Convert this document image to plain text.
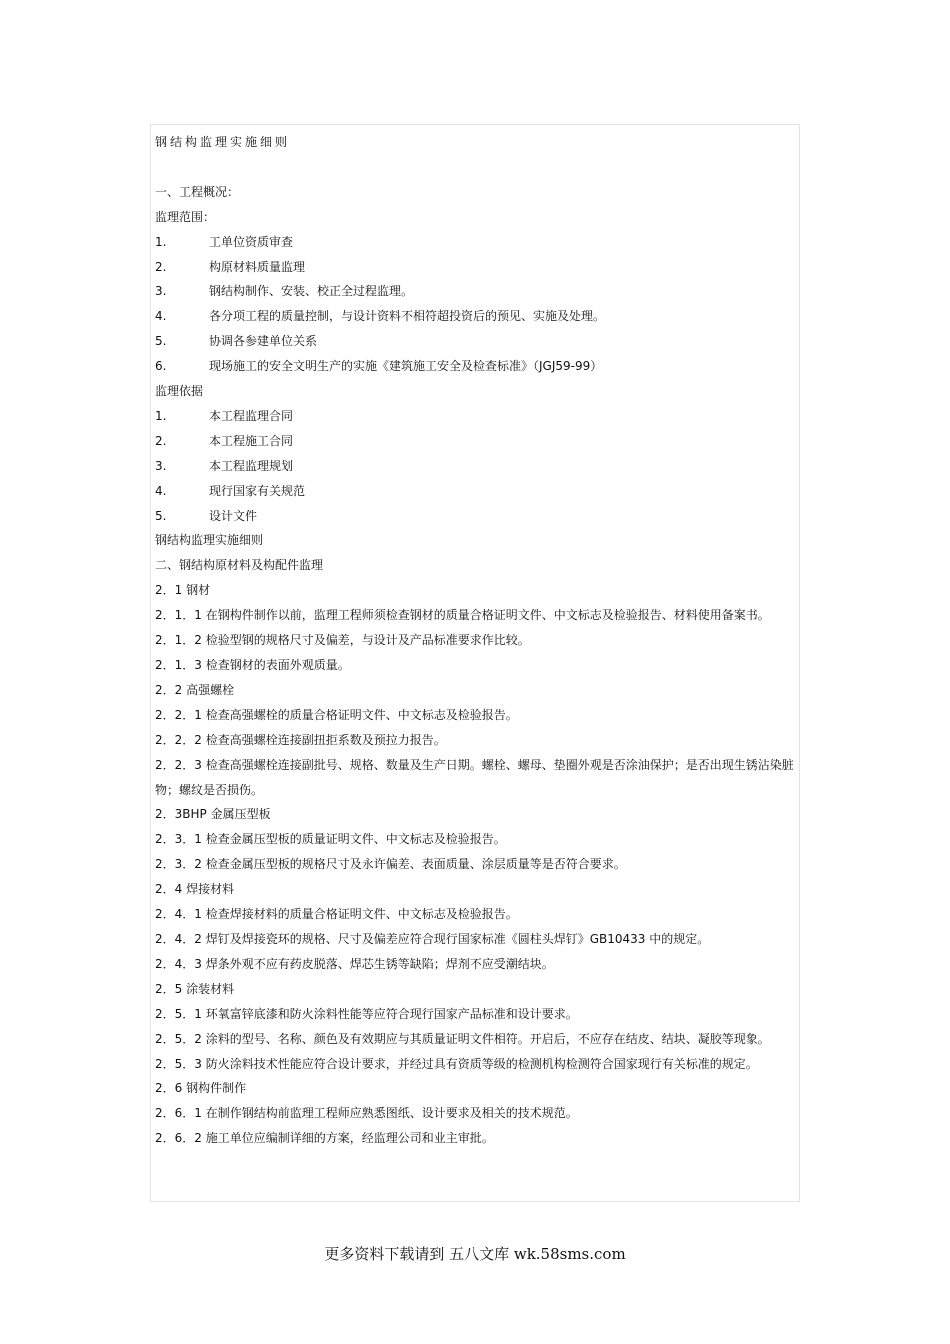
钢结构监理实施细则
一、工程概况：
监理范围：
1.	工单位资质审查
2.	构原材料质量监理
3.	钢结构制作、安装、校正全过程监理。
4.	各分项工程的质量控制，与设计资料不相符超投资后的预见、实施及处理。
5.	协调各参建单位关系
6.	现场施工的安全文明生产的实施《建筑施工安全及检查标准》（JGJ59-99）
监理依据
1.	本工程监理合同
2.	本工程施工合同
3.	本工程监理规划
4.	现行国家有关规范
5.	设计文件
钢结构监理实施细则
二、钢结构原材料及构配件监理
2．1 钢材
2．1．1 在钢构件制作以前，监理工程师须检查钢材的质量合格证明文件、中文标志及检验报告、材料使用备案书。
2．1．2 检验型钢的规格尺寸及偏差，与设计及产品标准要求作比较。
2．1．3 检查钢材的表面外观质量。
2．2 高强螺栓
2．2．1 检查高强螺栓的质量合格证明文件、中文标志及检验报告。
2．2．2 检查高强螺栓连接副扭拒系数及预拉力报告。
2．2．3 检查高强螺栓连接副批号、规格、数量及生产日期。螺栓、螺母、垫圈外观是否涂油保护；是否出现生锈沾染脏物；螺纹是否损伤。
2．3BHP 金属压型板
2．3．1 检查金属压型板的质量证明文件、中文标志及检验报告。
2．3．2 检查金属压型板的规格尺寸及永许偏差、表面质量、涂层质量等是否符合要求。
2．4 焊接材料
2．4．1 检查焊接材料的质量合格证明文件、中文标志及检验报告。
2．4．2 焊钉及焊接瓷环的规格、尺寸及偏差应符合现行国家标准《圆柱头焊钉》GB10433 中的规定。
2．4．3 焊条外观不应有药皮脱落、焊芯生锈等缺陷；焊剂不应受潮结块。
2．5 涂装材料
2．5．1 环氧富锌底漆和防火涂料性能等应符合现行国家产品标准和设计要求。
2．5．2 涂料的型号、名称、颜色及有效期应与其质量证明文件相符。开启后，不应存在结皮、结块、凝胶等现象。
2．5．3 防火涂料技术性能应符合设计要求，并经过具有资质等级的检测机构检测符合国家现行有关标准的规定。
2．6 钢构件制作
2．6．1 在制作钢结构前监理工程师应熟悉图纸、设计要求及相关的技术规范。
2．6．2 施工单位应编制详细的方案，经监理公司和业主审批。
更多资料下载请到 五八文库 wk.58sms.com
